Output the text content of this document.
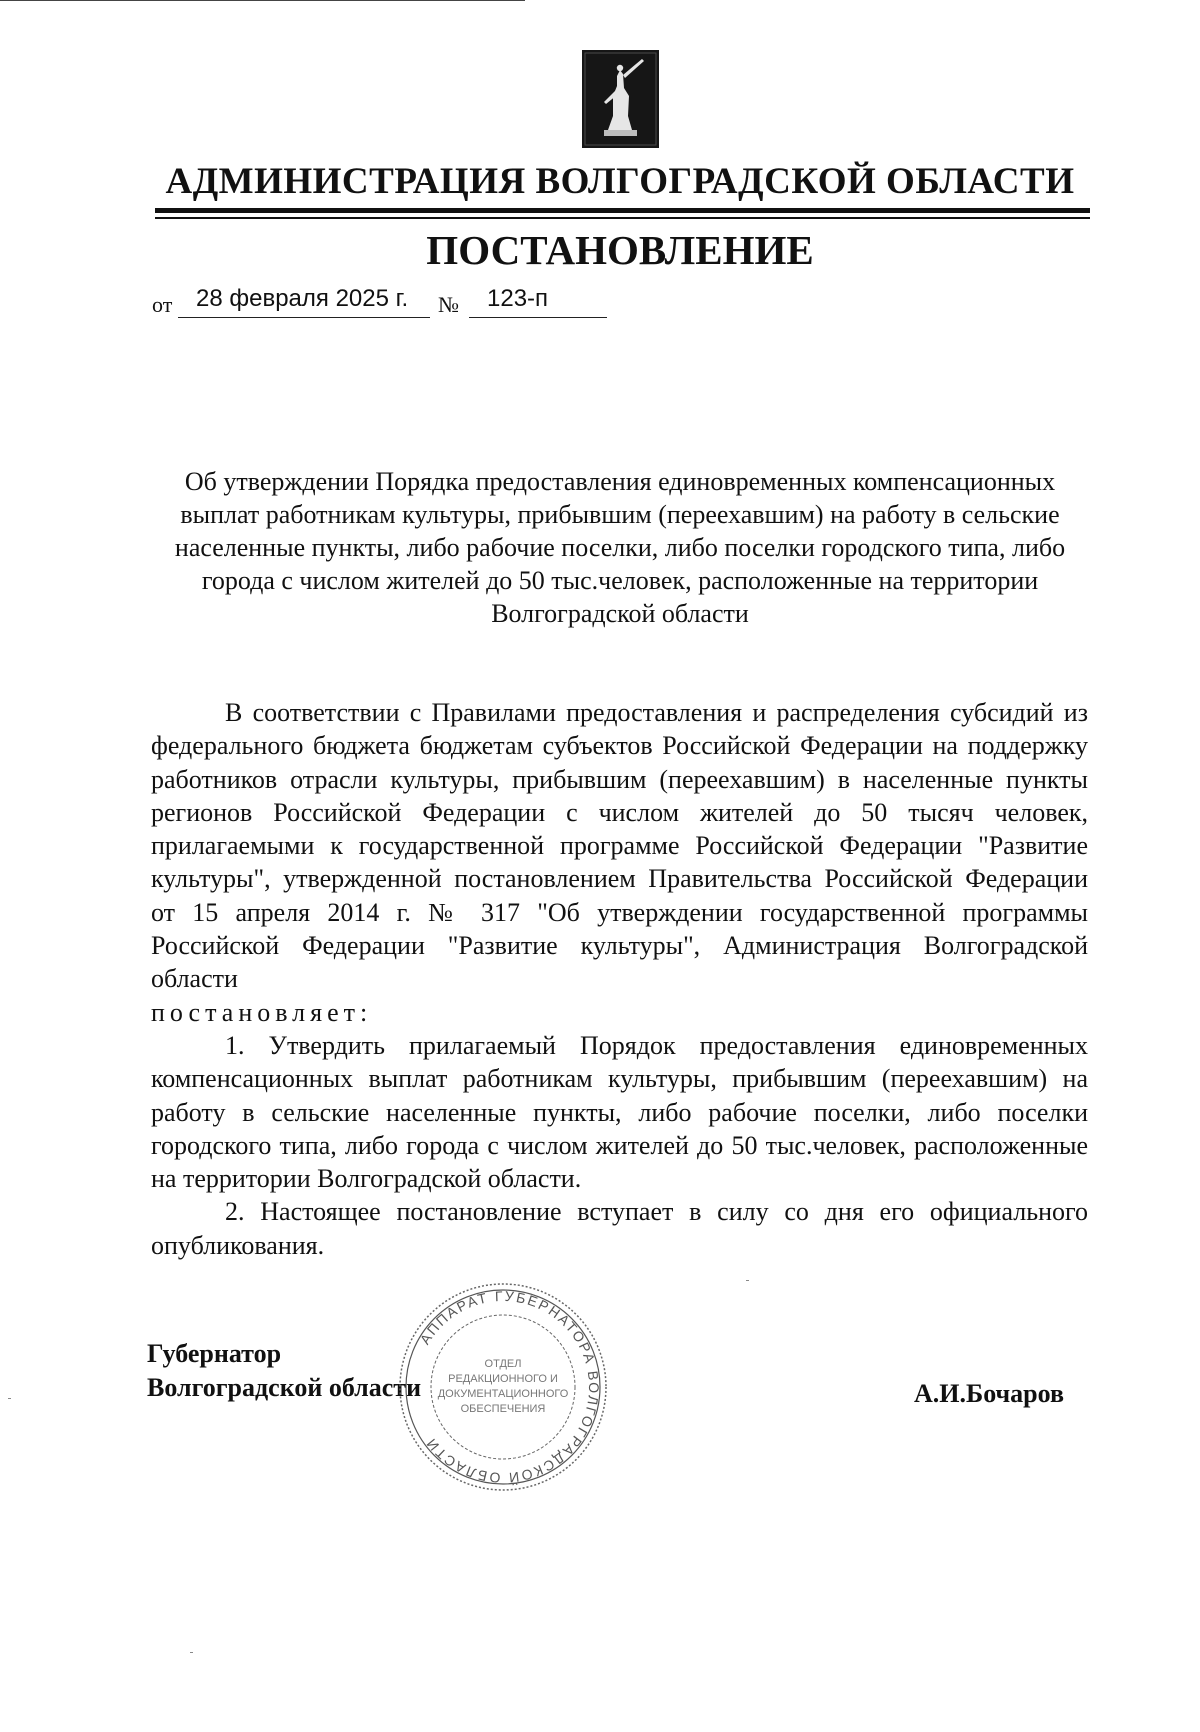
АДМИНИСТРАЦИЯ ВОЛГОГРАДСКОЙ ОБЛАСТИ
ПОСТАНОВЛЕНИЕ
от 28 февраля 2025 г.	№	123-п

Об утверждении Порядка предоставления единовременных компенсационных выплат работникам культуры, прибывшим (переехавшим) на работу в сельские населенные пункты, либо рабочие поселки, либо поселки городского типа, либо города с числом жителей до 50 тыс.человек, расположенные на территории Волгоградской области

В соответствии с Правилами предоставления и распределения субсидий из федерального бюджета бюджетам субъектов Российской Федерации на поддержку работников отрасли культуры, прибывшим (переехавшим) в населенные пункты регионов Российской Федерации с числом жителей до 50 тысяч человек, прилагаемыми к государственной программе Российской Федерации "Развитие культуры", утвержденной постановлением Правительства Российской Федерации от 15 апреля 2014 г. № 317 "Об утверждении государственной программы Российской Федерации "Развитие культуры", Администрация Волгоградской области

постановляет:

1. Утвердить прилагаемый Порядок предоставления единовременных компенсационных выплат работникам культуры, прибывшим (переехавшим) на работу в сельские населенные пункты, либо рабочие поселки, либо поселки городского типа, либо города с числом жителей до 50 тыс.человек, расположенные на территории Волгоградской области.

2. Настоящее постановление вступает в силу со дня его официального опубликования.

Губернатор
Волгоградской области
АППАРАТ ГУБЕРНАТОРА ВОЛГОГРАДСКОЙ ОБЛАСТИ
ОТДЕЛ
РЕДАКЦИОННОГО И
ДОКУМЕНТАЦИОННОГО
ОБЕСПЕЧЕНИЯ
А.И.Бочаров
